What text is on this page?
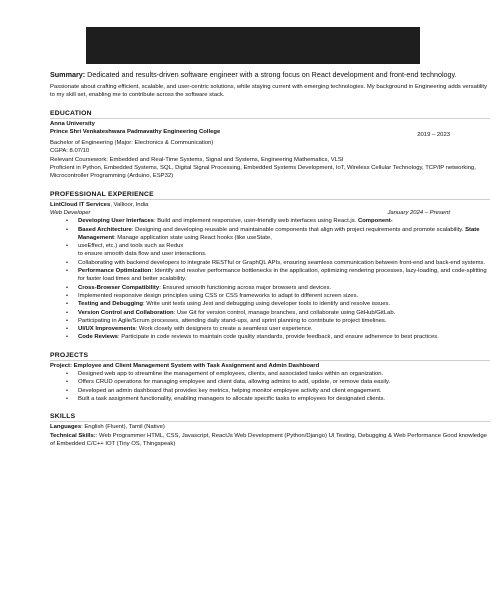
Summary: Dedicated and results-driven software engineer with a strong focus on React development and front-end technology.
Passionate about crafting efficient, scalable, and user-centric solutions, while staying current with emerging technologies. My background in Engineering adds versatility to my skill set, enabling me to contribute across the software stack.
EDUCATION
Anna University
Prince Shri Venkateshwara Padmavathy Engineering College	2019 – 2023
Bachelor of Engineering (Major: Electronics & Communication)
CGPA: 8.07/10
Relevant Coursework: Embedded and Real-Time Systems, Signal and Systems, Engineering Mathematics, VLSI
Proficient in Python, Embedded Systems, SQL, Digital Signal Processing, Embedded Systems Development, IoT, Wireless Cellular Technology, TCP/IP networking, Microcontroller Programming (Arduino, ESP32)
PROFESSIONAL EXPERIENCE
LintCloud IT Services, Vallioor, India
Web Developer	January 2024 – Present
• Developing User Interfaces: Build and implement responsive, user-friendly web interfaces using React.js. Component-
• Based Architecture: Designing and developing reusable and maintainable components that align with project requirements and promote scalability. State Management: Manage application state using React hooks (like useState,
• useEffect, etc.) and tools such as Redux
to ensure smooth data flow and user interactions.
• Collaborating with backend developers to integrate RESTful or GraphQL APIs, ensuring seamless communication between front-end and back-end systems.
• Performance Optimization: Identify and resolve performance bottlenecks in the application, optimizing rendering processes, lazy-loading, and code-splitting for faster load times and better scalability.
• Cross-Browser Compatibility: Ensured smooth functioning across major browsers and devices.
• Implemented responsive design principles using CSS or CSS frameworks to adapt to different screen sizes.
• Testing and Debugging: Write unit tests using Jest and debugging using developer tools to identify and resolve issues.
• Version Control and Collaboration: Use Git for version control, manage branches, and collaborate using GitHub/GitLab.
• Participating in Agile/Scrum processes, attending daily stand-ups, and sprint planning to contribute to project timelines.
• UI/UX Improvements: Work closely with designers to create a seamless user experience.
• Code Reviews: Participate in code reviews to maintain code quality standards, provide feedback, and ensure adherence to best practices.
PROJECTS
Project: Employee and Client Management System with Task Assignment and Admin Dashboard
• Designed web app to streamline the management of employees, clients, and associated tasks within an organization.
• Offers CRUD operations for managing employee and client data, allowing admins to add, update, or remove data easily.
• Developed an admin dashboard that provides key metrics, helping monitor employee activity and client engagement.
• Built a task assignment functionality, enabling managers to allocate specific tasks to employees for designated clients.
SKILLS
Languages: English (Fluent), Tamil (Native)
Technical Skills:: Web Programmer HTML, CSS, Javascript, ReactJs Web Development (Python/Django) UI Testing, Debugging & Web Performance Good knowledge of Embedded C/C++ IOT (Tiny OS, Thingspeak)
